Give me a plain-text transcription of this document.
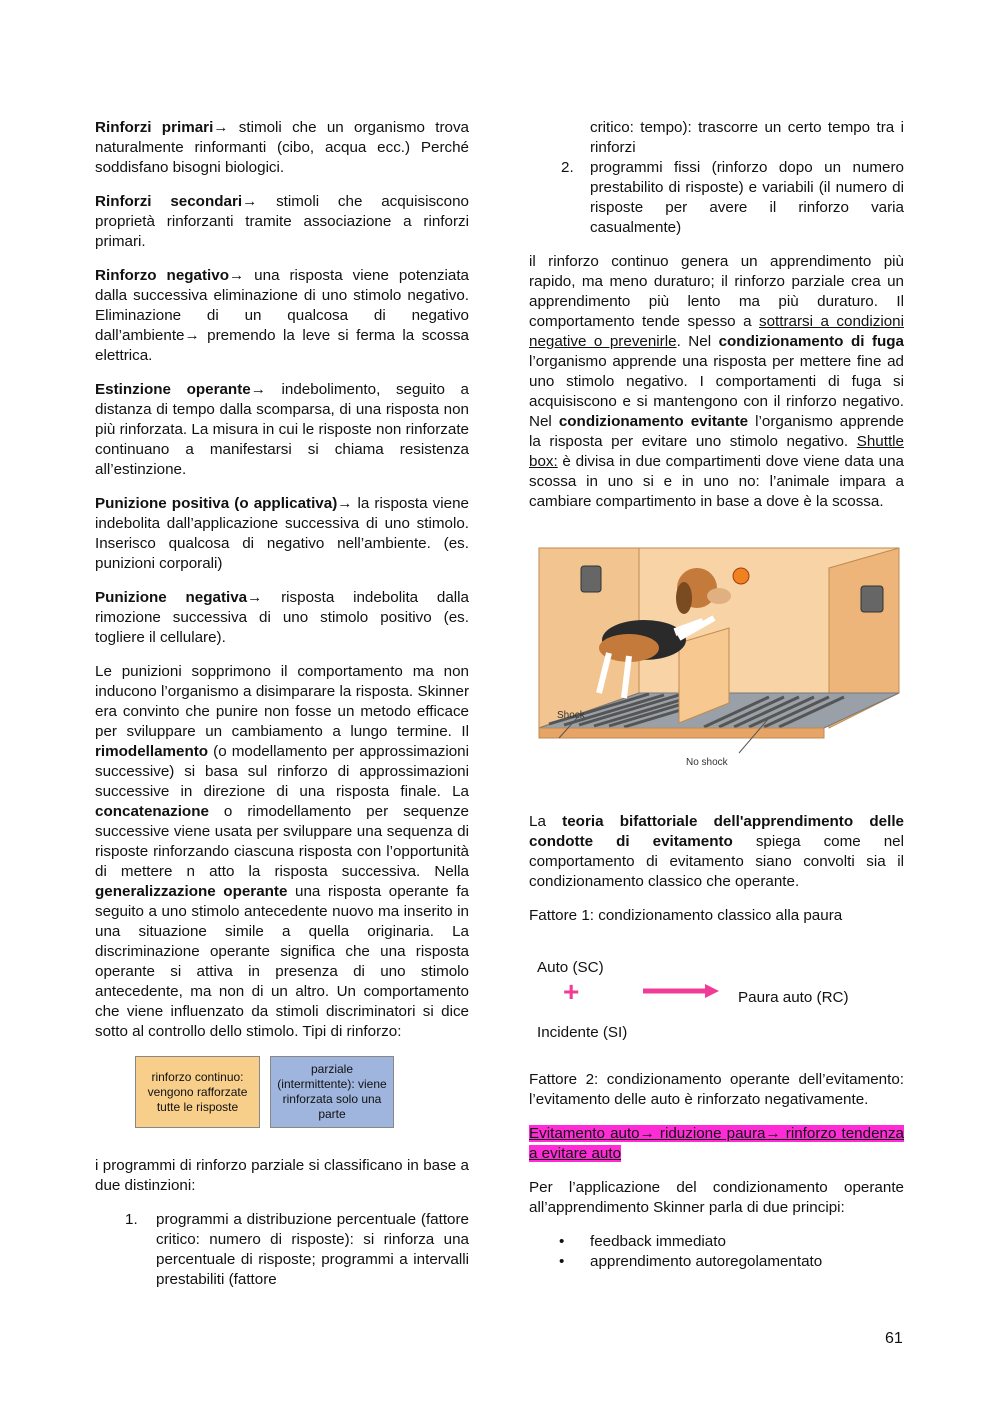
Rinforzi primari→ stimoli che un organismo trova naturalmente rinformanti (cibo, acqua ecc.) Perché soddisfano bisogni biologici.

Rinforzi secondari→ stimoli che acquisiscono proprietà rinforzanti tramite associazione a rinforzi primari.

Rinforzo negativo→ una risposta viene potenziata dalla successiva eliminazione di uno stimolo negativo. Eliminazione di un qualcosa di negativo dall’ambiente→ premendo la leve si ferma la scossa elettrica.

Estinzione operante→ indebolimento, seguito a distanza di tempo dalla scomparsa, di una risposta non più rinforzata. La misura in cui le risposte non rinforzate continuano a manifestarsi si chiama resistenza all’estinzione.

Punizione positiva (o applicativa)→ la risposta viene indebolita dall’applicazione successiva di uno stimolo. Inserisco qualcosa di negativo nell’ambiente. (es. punizioni corporali)

Punizione negativa→ risposta indebolita dalla rimozione successiva di uno stimolo positivo (es. togliere il cellulare).

Le punizioni sopprimono il comportamento ma non inducono l’organismo a disimparare la risposta. Skinner era convinto che punire non fosse un metodo efficace per sviluppare un cambiamento a lungo termine. Il rimodellamento (o modellamento per approssimazioni successive) si basa sul rinforzo di approssimazioni successive in direzione di una risposta finale. La concatenazione o rimodellamento per sequenze successive viene usata per sviluppare una sequenza di risposte rinforzando ciascuna risposta con l’opportunità di mettere n atto la risposta successiva. Nella generalizzazione operante una risposta operante fa seguito a uno stimolo antecedente nuovo ma inserito in una situazione simile a quella originaria. La discriminazione operante significa che una risposta operante si attiva in presenza di uno stimolo antecedente, ma non di un altro. Un comportamento che viene influenzato da stimoli discriminatori si dice sotto al controllo dello stimolo. Tipi di rinforzo:

rinforzo continuo: vengono rafforzate tutte le risposte
parziale (intermittente): viene rinforzata solo una parte

i programmi di rinforzo parziale si classificano in base a due distinzioni:

1. programmi a distribuzione percentuale (fattore critico: numero di risposte): si rinforza una percentuale di risposte; programmi a intervalli prestabiliti (fattore
critico: tempo): trascorre un certo tempo tra i rinforzi
2. programmi fissi (rinforzo dopo un numero prestabilito di risposte) e variabili (il numero di risposte per avere il rinforzo varia casualmente)

il rinforzo continuo genera un apprendimento più rapido, ma meno duraturo; il rinforzo parziale crea un apprendimento più lento ma più duraturo. Il comportamento tende spesso a sottrarsi a condizioni negative o prevenirle. Nel condizionamento di fuga l’organismo apprende una risposta per mettere fine ad uno stimolo negativo. I comportamenti di fuga si acquisiscono e si mantengono con il rinforzo negativo. Nel condizionamento evitante l’organismo apprende la risposta per evitare uno stimolo negativo. Shuttle box: è divisa in due compartimenti dove viene data una scossa in uno si e in uno no: l’animale impara a cambiare compartimento in base a dove è la scossa.

Shock
No shock

La teoria bifattoriale dell'apprendimento delle condotte di evitamento spiega come nel comportamento di evitamento siano convolti sia il condizionamento classico che operante.

Fattore 1: condizionamento classico alla paura

Auto (SC)
+
Incidente (SI)
Paura auto (RC)

Fattore 2: condizionamento operante dell’evitamento: l’evitamento delle auto è rinforzato negativamente.

Evitamento auto→ riduzione paura→ rinforzo tendenza a evitare auto

Per l’applicazione del condizionamento operante all’apprendimento Skinner parla di due principi:

• feedback immediato
• apprendimento autoregolamentato
61
